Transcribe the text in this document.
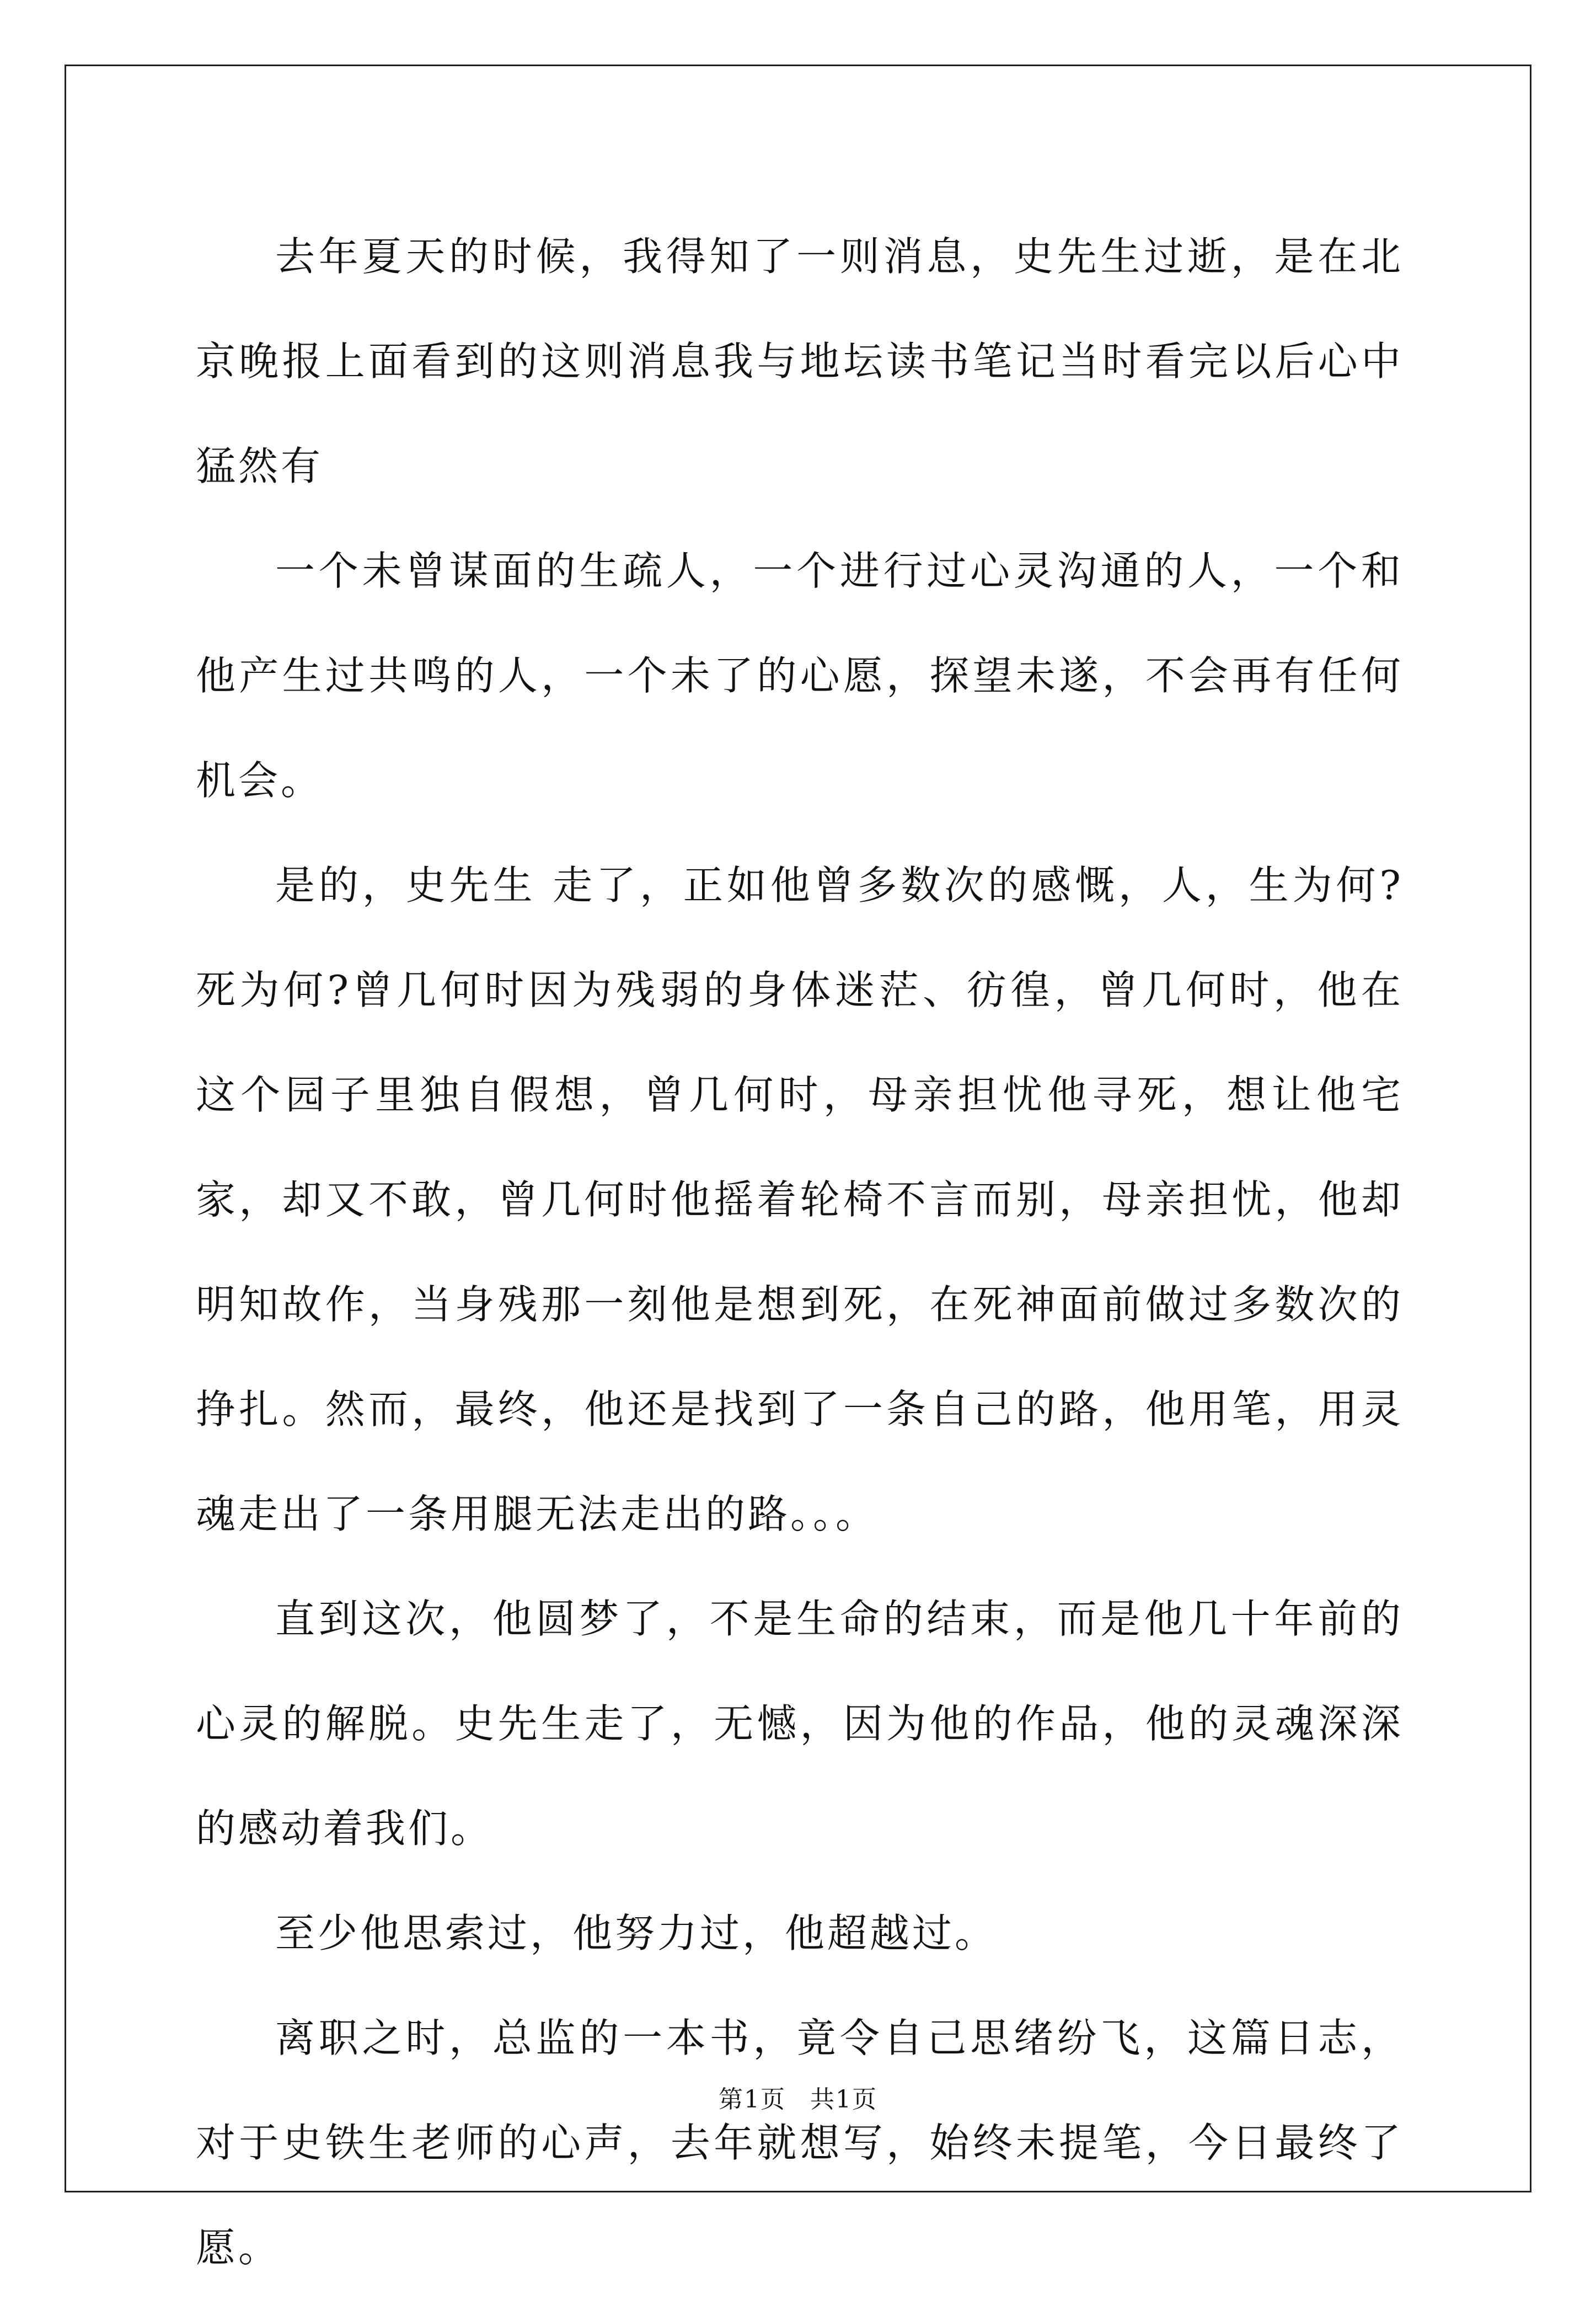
去年夏天的时候，我得知了一则消息，史先生过逝，是在北京晚报上面看到的这则消息我与地坛读书笔记当时看完以后心中猛然有

一个未曾谋面的生疏人，一个进行过心灵沟通的人，一个和他产生过共鸣的人，一个未了的心愿，探望未遂，不会再有任何机会。

是的，史先生 走了，正如他曾多数次的感慨，人，生为何?死为何?曾几何时因为残弱的身体迷茫、彷徨，曾几何时，他在这个园子里独自假想，曾几何时，母亲担忧他寻死，想让他宅家，却又不敢，曾几何时他摇着轮椅不言而别，母亲担忧，他却明知故作，当身残那一刻他是想到死，在死神面前做过多数次的挣扎。然而，最终，他还是找到了一条自己的路，他用笔，用灵魂走出了一条用腿无法走出的路。。。

直到这次，他圆梦了，不是生命的结束，而是他几十年前的心灵的解脱。史先生走了，无憾，因为他的作品，他的灵魂深深的感动着我们。

至少他思索过，他努力过，他超越过。

离职之时，总监的一本书，竟令自己思绪纷飞，这篇日志，对于史铁生老师的心声，去年就想写，始终未提笔，今日最终了愿。

第1页 共1页
